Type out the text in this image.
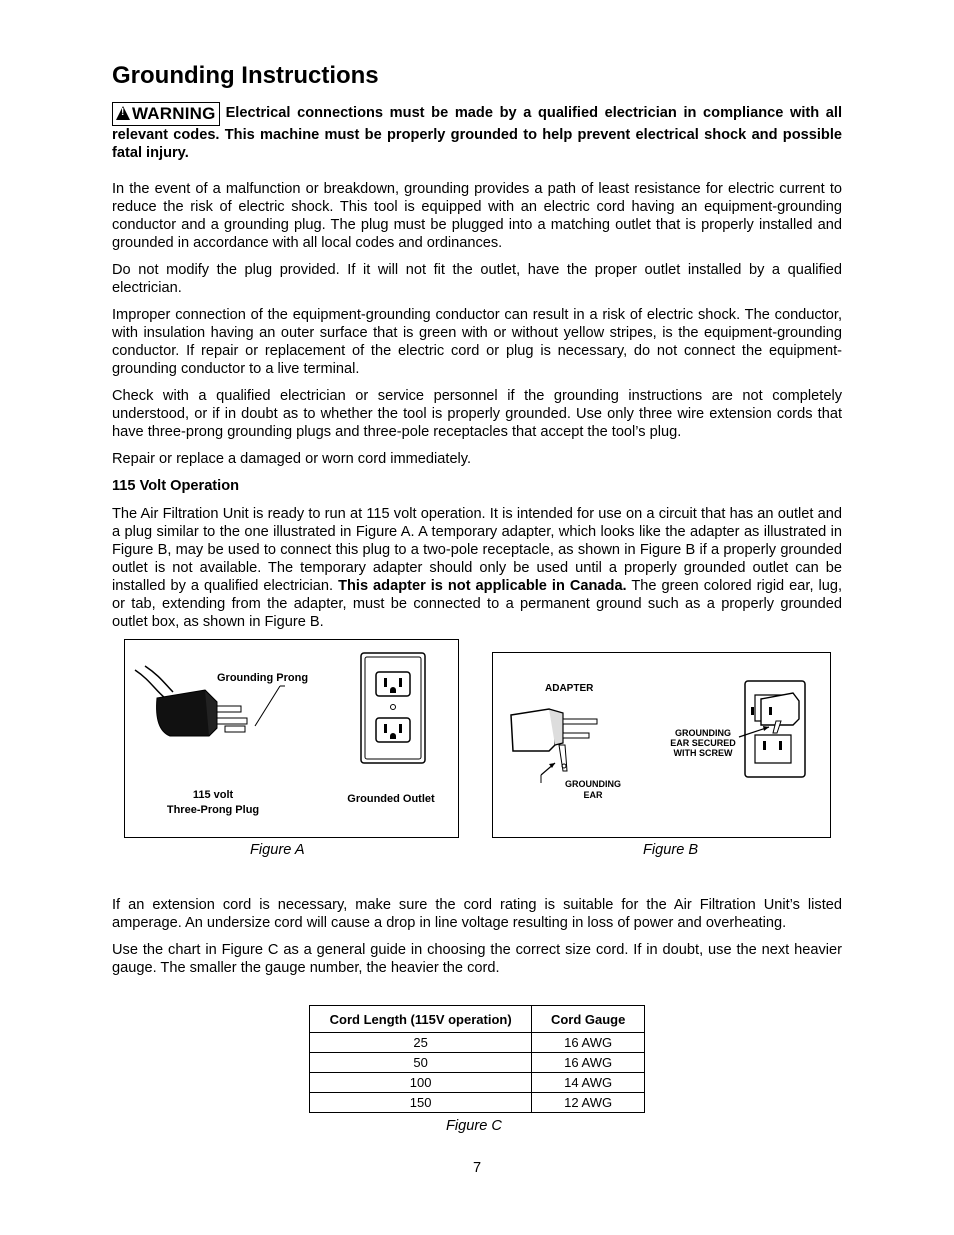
Grounding Instructions

!WARNING Electrical connections must be made by a qualified electrician in compliance with all relevant codes. This machine must be properly grounded to help prevent electrical shock and possible fatal injury.

In the event of a malfunction or breakdown, grounding provides a path of least resistance for electric current to reduce the risk of electric shock. This tool is equipped with an electric cord having an equipment-grounding conductor and a grounding plug. The plug must be plugged into a matching outlet that is properly installed and grounded in accordance with all local codes and ordinances.

Do not modify the plug provided. If it will not fit the outlet, have the proper outlet installed by a qualified electrician.

Improper connection of the equipment-grounding conductor can result in a risk of electric shock. The conductor, with insulation having an outer surface that is green with or without yellow stripes, is the equipment-grounding conductor. If repair or replacement of the electric cord or plug is necessary, do not connect the equipment-grounding conductor to a live terminal.

Check with a qualified electrician or service personnel if the grounding instructions are not completely understood, or if in doubt as to whether the tool is properly grounded. Use only three wire extension cords that have three-prong grounding plugs and three-pole receptacles that accept the tool’s plug.

Repair or replace a damaged or worn cord immediately.

115 Volt Operation

The Air Filtration Unit is ready to run at 115 volt operation. It is intended for use on a circuit that has an outlet and a plug similar to the one illustrated in Figure A. A temporary adapter, which looks like the adapter as illustrated in Figure B, may be used to connect this plug to a two-pole receptacle, as shown in Figure B if a properly grounded outlet is not available. The temporary adapter should only be used until a properly grounded outlet can be installed by a qualified electrician. This adapter is not applicable in Canada. The green colored rigid ear, lug, or tab, extending from the adapter, must be connected to a permanent ground such as a properly grounded outlet box, as shown in Figure B.

Grounding Prong
115 volt
Three-Prong Plug
Grounded Outlet
Figure A
ADAPTER
GROUNDING
EAR
GROUNDING
EAR SECURED
WITH SCREW
Figure B

If an extension cord is necessary, make sure the cord rating is suitable for the Air Filtration Unit’s listed amperage. An undersize cord will cause a drop in line voltage resulting in loss of power and overheating.

Use the chart in Figure C as a general guide in choosing the correct size cord. If in doubt, use the next heavier gauge. The smaller the gauge number, the heavier the cord.

Cord Length (115V operation)	Cord Gauge
25	16 AWG
50	16 AWG
100	14 AWG
150	12 AWG
Figure C
7
